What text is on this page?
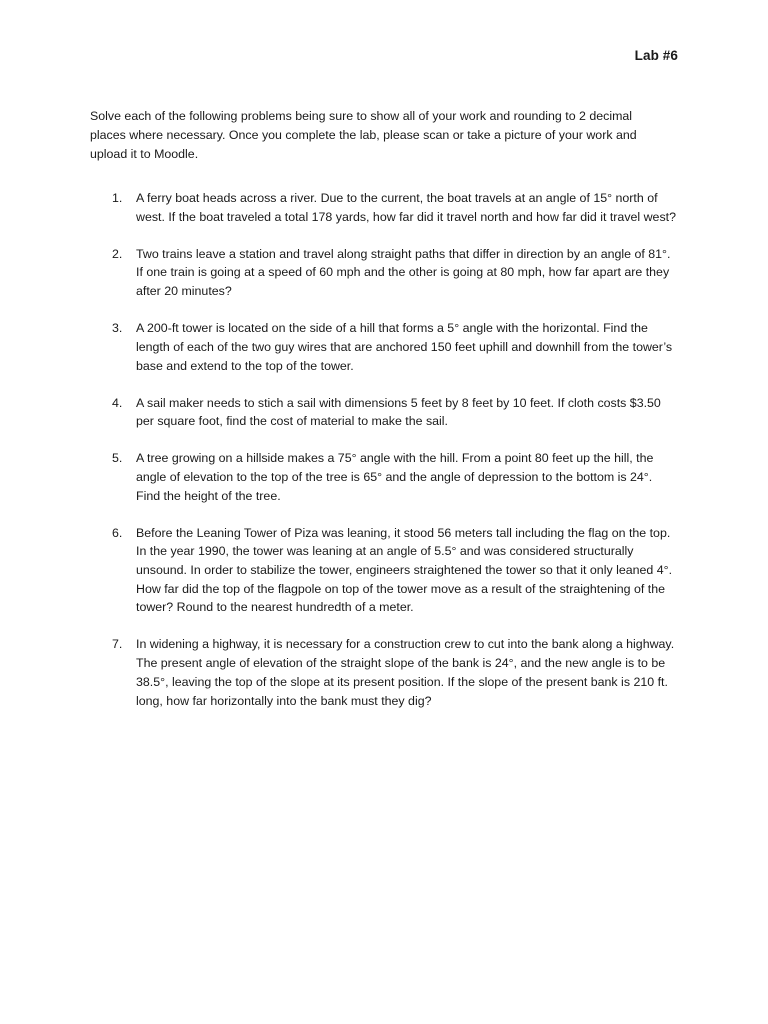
Lab #6

Solve each of the following problems being sure to show all of your work and rounding to 2 decimal places where necessary. Once you complete the lab, please scan or take a picture of your work and upload it to Moodle.

1.	A ferry boat heads across a river. Due to the current, the boat travels at an angle of 15° north of west. If the boat traveled a total 178 yards, how far did it travel north and how far did it travel west?
2.	Two trains leave a station and travel along straight paths that differ in direction by an angle of 81°. If one train is going at a speed of 60 mph and the other is going at 80 mph, how far apart are they after 20 minutes?
3.	A 200-ft tower is located on the side of a hill that forms a 5° angle with the horizontal. Find the length of each of the two guy wires that are anchored 150 feet uphill and downhill from the tower’s base and extend to the top of the tower.
4.	A sail maker needs to stich a sail with dimensions 5 feet by 8 feet by 10 feet. If cloth costs $3.50 per square foot, find the cost of material to make the sail.
5.	A tree growing on a hillside makes a 75° angle with the hill. From a point 80 feet up the hill, the angle of elevation to the top of the tree is 65° and the angle of depression to the bottom is 24°. Find the height of the tree.
6.	Before the Leaning Tower of Piza was leaning, it stood 56 meters tall including the flag on the top. In the year 1990, the tower was leaning at an angle of 5.5° and was considered structurally unsound. In order to stabilize the tower, engineers straightened the tower so that it only leaned 4°. How far did the top of the flagpole on top of the tower move as a result of the straightening of the tower? Round to the nearest hundredth of a meter.
7.	In widening a highway, it is necessary for a construction crew to cut into the bank along a highway. The present angle of elevation of the straight slope of the bank is 24°, and the new angle is to be 38.5°, leaving the top of the slope at its present position. If the slope of the present bank is 210 ft. long, how far horizontally into the bank must they dig?
